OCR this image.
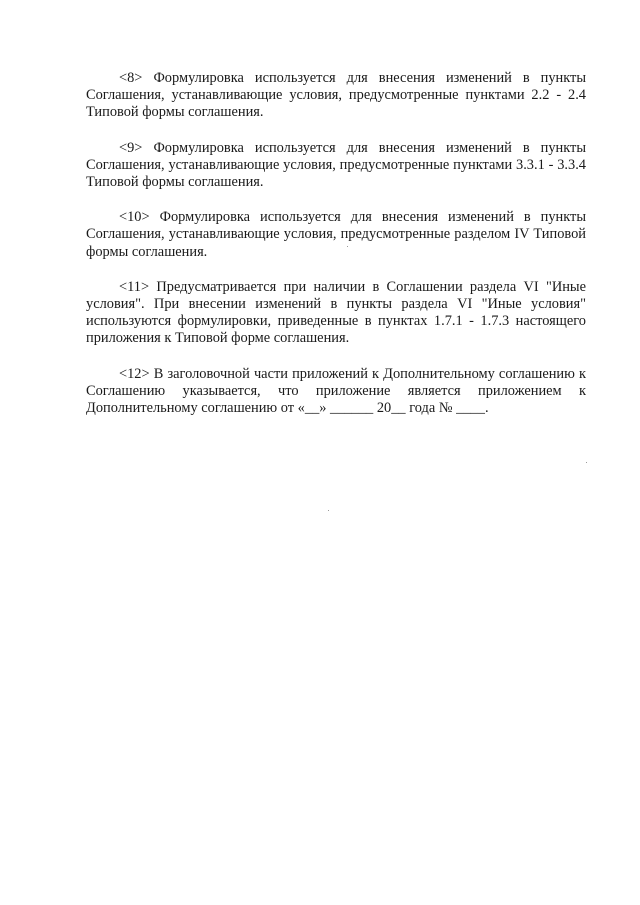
<8> Формулировка используется для внесения изменений в пункты Соглашения, устанавливающие условия, предусмотренные пунктами 2.2 - 2.4 Типовой формы соглашения.

<9> Формулировка используется для внесения изменений в пункты Соглашения, устанавливающие условия, предусмотренные пунктами 3.3.1 - 3.3.4 Типовой формы соглашения.

<10> Формулировка используется для внесения изменений в пункты Соглашения, устанавливающие условия, предусмотренные разделом IV Типовой формы соглашения.

<11> Предусматривается при наличии в Соглашении раздела VI "Иные условия". При внесении изменений в пункты раздела VI "Иные условия" используются формулировки, приведенные в пунктах 1.7.1 - 1.7.3 настоящего приложения к Типовой форме соглашения.

<12> В заголовочной части приложений к Дополнительному соглашению к Соглашению указывается, что приложение является приложением к Дополнительному соглашению от «__» ______ 20__ года № ____.
